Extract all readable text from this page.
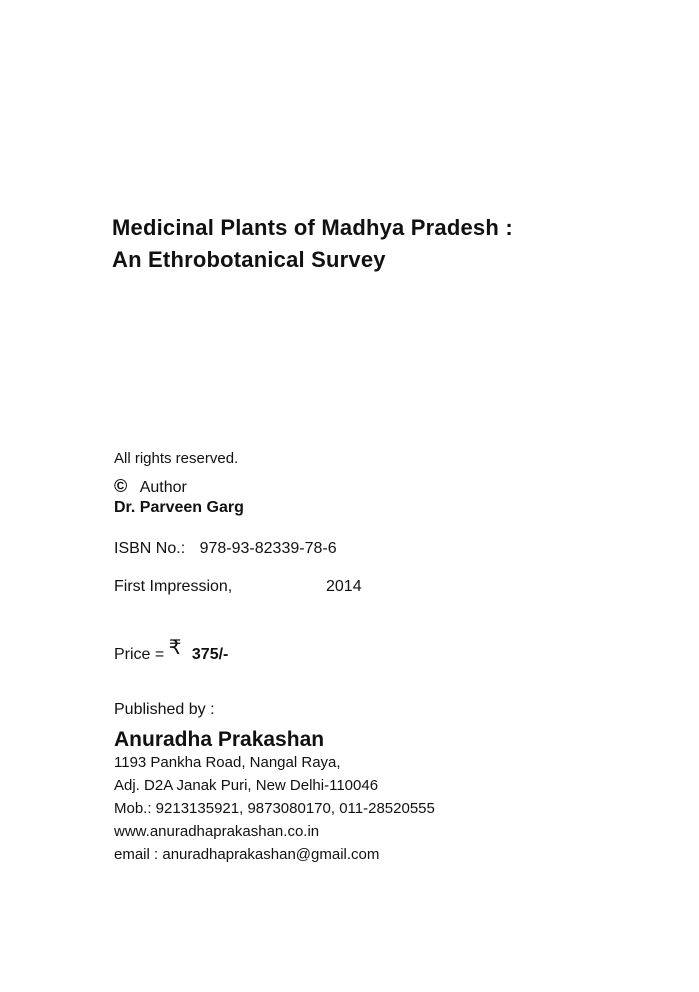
Medicinal Plants of Madhya Pradesh :
An Ethrobotanical Survey
All rights reserved.
© Author
Dr. Parveen Garg
ISBN No.: 978-93-82339-78-6
First Impression,	2014
Price = ₹ 375/-
Published by :
Anuradha Prakashan
1193 Pankha Road, Nangal Raya,
Adj. D2A Janak Puri, New Delhi-110046
Mob.: 9213135921, 9873080170, 011-28520555
www.anuradhaprakashan.co.in
email : anuradhaprakashan@gmail.com
